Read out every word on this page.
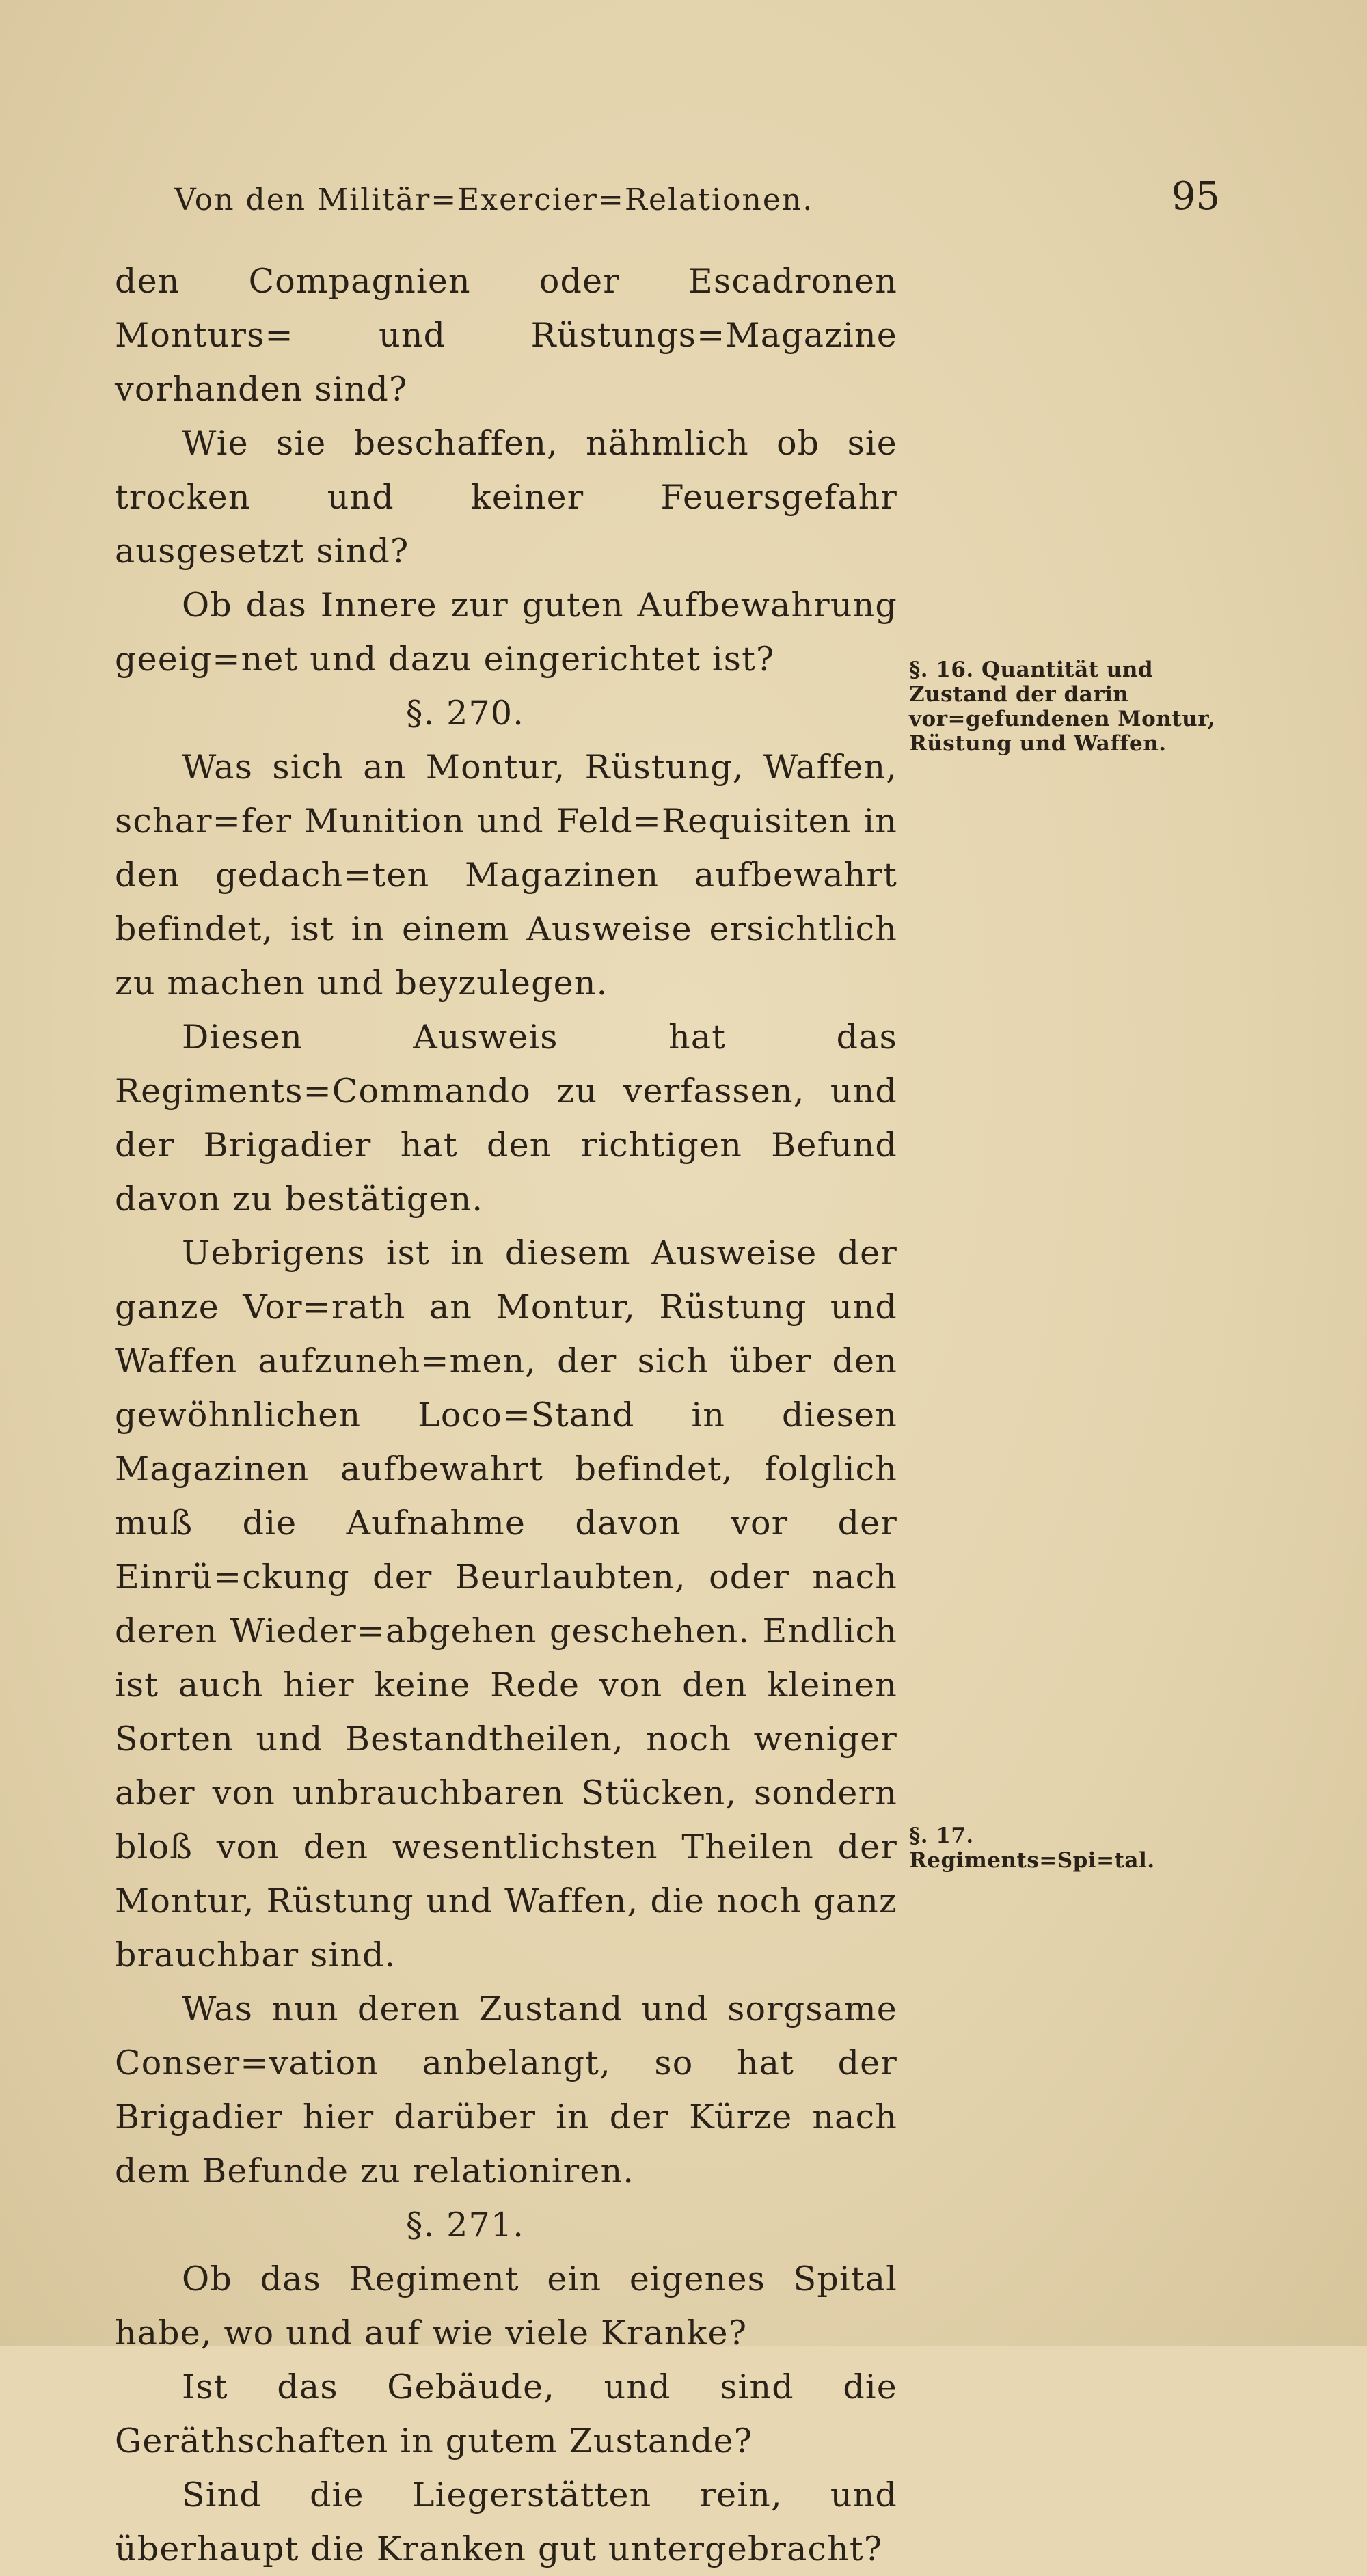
Von den Militär=Exercier=Relationen.	95

den Compagnien oder Escadronen Monturs= und Rüstungs=Magazine vorhanden sind?

Wie sie beschaffen, nähmlich ob sie trocken und keiner Feuersgefahr ausgesetzt sind?

Ob das Innere zur guten Aufbewahrung geeig=net und dazu eingerichtet ist?

§. 270.

Was sich an Montur, Rüstung, Waffen, schar=fer Munition und Feld=Requisiten in den gedach=ten Magazinen aufbewahrt befindet, ist in einem Ausweise ersichtlich zu machen und beyzulegen.

Diesen Ausweis hat das Regiments=Commando zu verfassen, und der Brigadier hat den richtigen Befund davon zu bestätigen.

Uebrigens ist in diesem Ausweise der ganze Vor=rath an Montur, Rüstung und Waffen aufzuneh=men, der sich über den gewöhnlichen Loco=Stand in diesen Magazinen aufbewahrt befindet, folglich muß die Aufnahme davon vor der Einrü=ckung der Beurlaubten, oder nach deren Wieder=abgehen geschehen. Endlich ist auch hier keine Rede von den kleinen Sorten und Bestandtheilen, noch weniger aber von unbrauchbaren Stücken, sondern bloß von den wesentlichsten Theilen der Montur, Rüstung und Waffen, die noch ganz brauchbar sind.

Was nun deren Zustand und sorgsame Conser=vation anbelangt, so hat der Brigadier hier darüber in der Kürze nach dem Befunde zu relationiren.

§. 271.

Ob das Regiment ein eigenes Spital habe, wo und auf wie viele Kranke?

Ist das Gebäude, und sind die Geräthschaften in gutem Zustande?

Sind die Liegerstätten rein, und überhaupt die Kranken gut untergebracht?

§. 16. Quantität und Zustand der darin vor=gefundenen Montur, Rüstung und Waffen.
§. 17. Regiments=Spi=tal.
